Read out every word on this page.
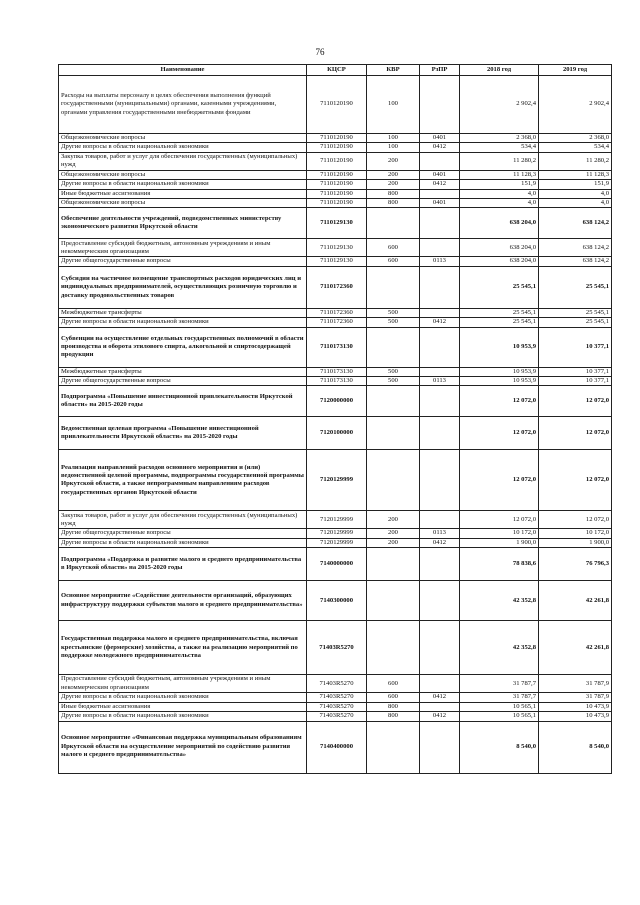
76
Наименование	КЦСР	КВР	РзПР	2018 год	2019 год
Расходы на выплаты персоналу в целях обеспечения выполнения функций государственными (муниципальными) органами, казенными учреждениями, органами управления государственными внебюджетными фондами	7110120190	100		2 902,4	2 902,4
Общеэкономические вопросы	7110120190	100	0401	2 368,0	2 368,0
Другие вопросы в области национальной экономики	7110120190	100	0412	534,4	534,4
Закупка товаров, работ и услуг для обеспечения государственных (муниципальных) нужд	7110120190	200		11 280,2	11 280,2
Общеэкономические вопросы	7110120190	200	0401	11 128,3	11 128,3
Другие вопросы в области национальной экономики	7110120190	200	0412	151,9	151,9
Иные бюджетные ассигнования	7110120190	800		4,0	4,0
Общеэкономические вопросы	7110120190	800	0401	4,0	4,0
Обеспечение деятельности учреждений, подведомственных министерству экономического развития Иркутской области	7110129130			638 204,0	638 124,2
Предоставление субсидий бюджетным, автономным учреждениям и иным некоммерческим организациям	7110129130	600		638 204,0	638 124,2
Другие общегосударственные вопросы	7110129130	600	0113	638 204,0	638 124,2
Субсидии на частичное возмещение транспортных расходов юридических лиц и индивидуальных предпринимателей, осуществляющих розничную торговлю и доставку продовольственных товаров	7110172360			25 545,1	25 545,1
Межбюджетные трансферты	7110172360	500		25 545,1	25 545,1
Другие вопросы в области национальной экономики	7110172360	500	0412	25 545,1	25 545,1
Субвенции на осуществление отдельных государственных полномочий в области производства и оборота этилового спирта, алкогольной и спиртосодержащей продукции	7110173130			10 953,9	10 377,1
Межбюджетные трансферты	7110173130	500		10 953,9	10 377,1
Другие общегосударственные вопросы	7110173130	500	0113	10 953,9	10 377,1
Подпрограмма «Повышение инвестиционной привлекательности Иркутской области» на 2015-2020 годы	7120000000			12 072,0	12 072,0
Ведомственная целевая программа «Повышение инвестиционной привлекательности Иркутской области» на 2015-2020 годы	7120100000			12 072,0	12 072,0
Реализация направлений расходов основного мероприятия и (или) ведомственной целевой программы, подпрограммы государственной программы Иркутской области, а также непрограммным направлениям расходов государственных органов Иркутской области	7120129999			12 072,0	12 072,0
Закупка товаров, работ и услуг для обеспечения государственных (муниципальных) нужд	7120129999	200		12 072,0	12 072,0
Другие общегосударственные вопросы	7120129999	200	0113	10 172,0	10 172,0
Другие вопросы в области национальной экономики	7120129999	200	0412	1 900,0	1 900,0
Подпрограмма «Поддержка и развитие малого и среднего предпринимательства в Иркутской области» на 2015-2020 годы	7140000000			78 838,6	76 796,3
Основное мероприятие «Содействие деятельности организаций, образующих инфраструктуру поддержки субъектов малого и среднего предпринимательства»	7140300000			42 352,8	42 261,8
Государственная поддержка малого и среднего предпринимательства, включая крестьянские (фермерские) хозяйства, а также на реализацию мероприятий по поддержке молодежного предпринимательства	71403R5270			42 352,8	42 261,8
Предоставление субсидий бюджетным, автономным учреждениям и иным некоммерческим организациям	71403R5270	600		31 787,7	31 787,9
Другие вопросы в области национальной экономики	71403R5270	600	0412	31 787,7	31 787,9
Иные бюджетные ассигнования	71403R5270	800		10 565,1	10 473,9
Другие вопросы в области национальной экономики	71403R5270	800	0412	10 565,1	10 473,9
Основное мероприятие «Финансовая поддержка муниципальным образованиям Иркутской области на осуществление мероприятий по содействию развития малого и среднего предпринимательства»	7140400000			8 540,0	8 540,0
